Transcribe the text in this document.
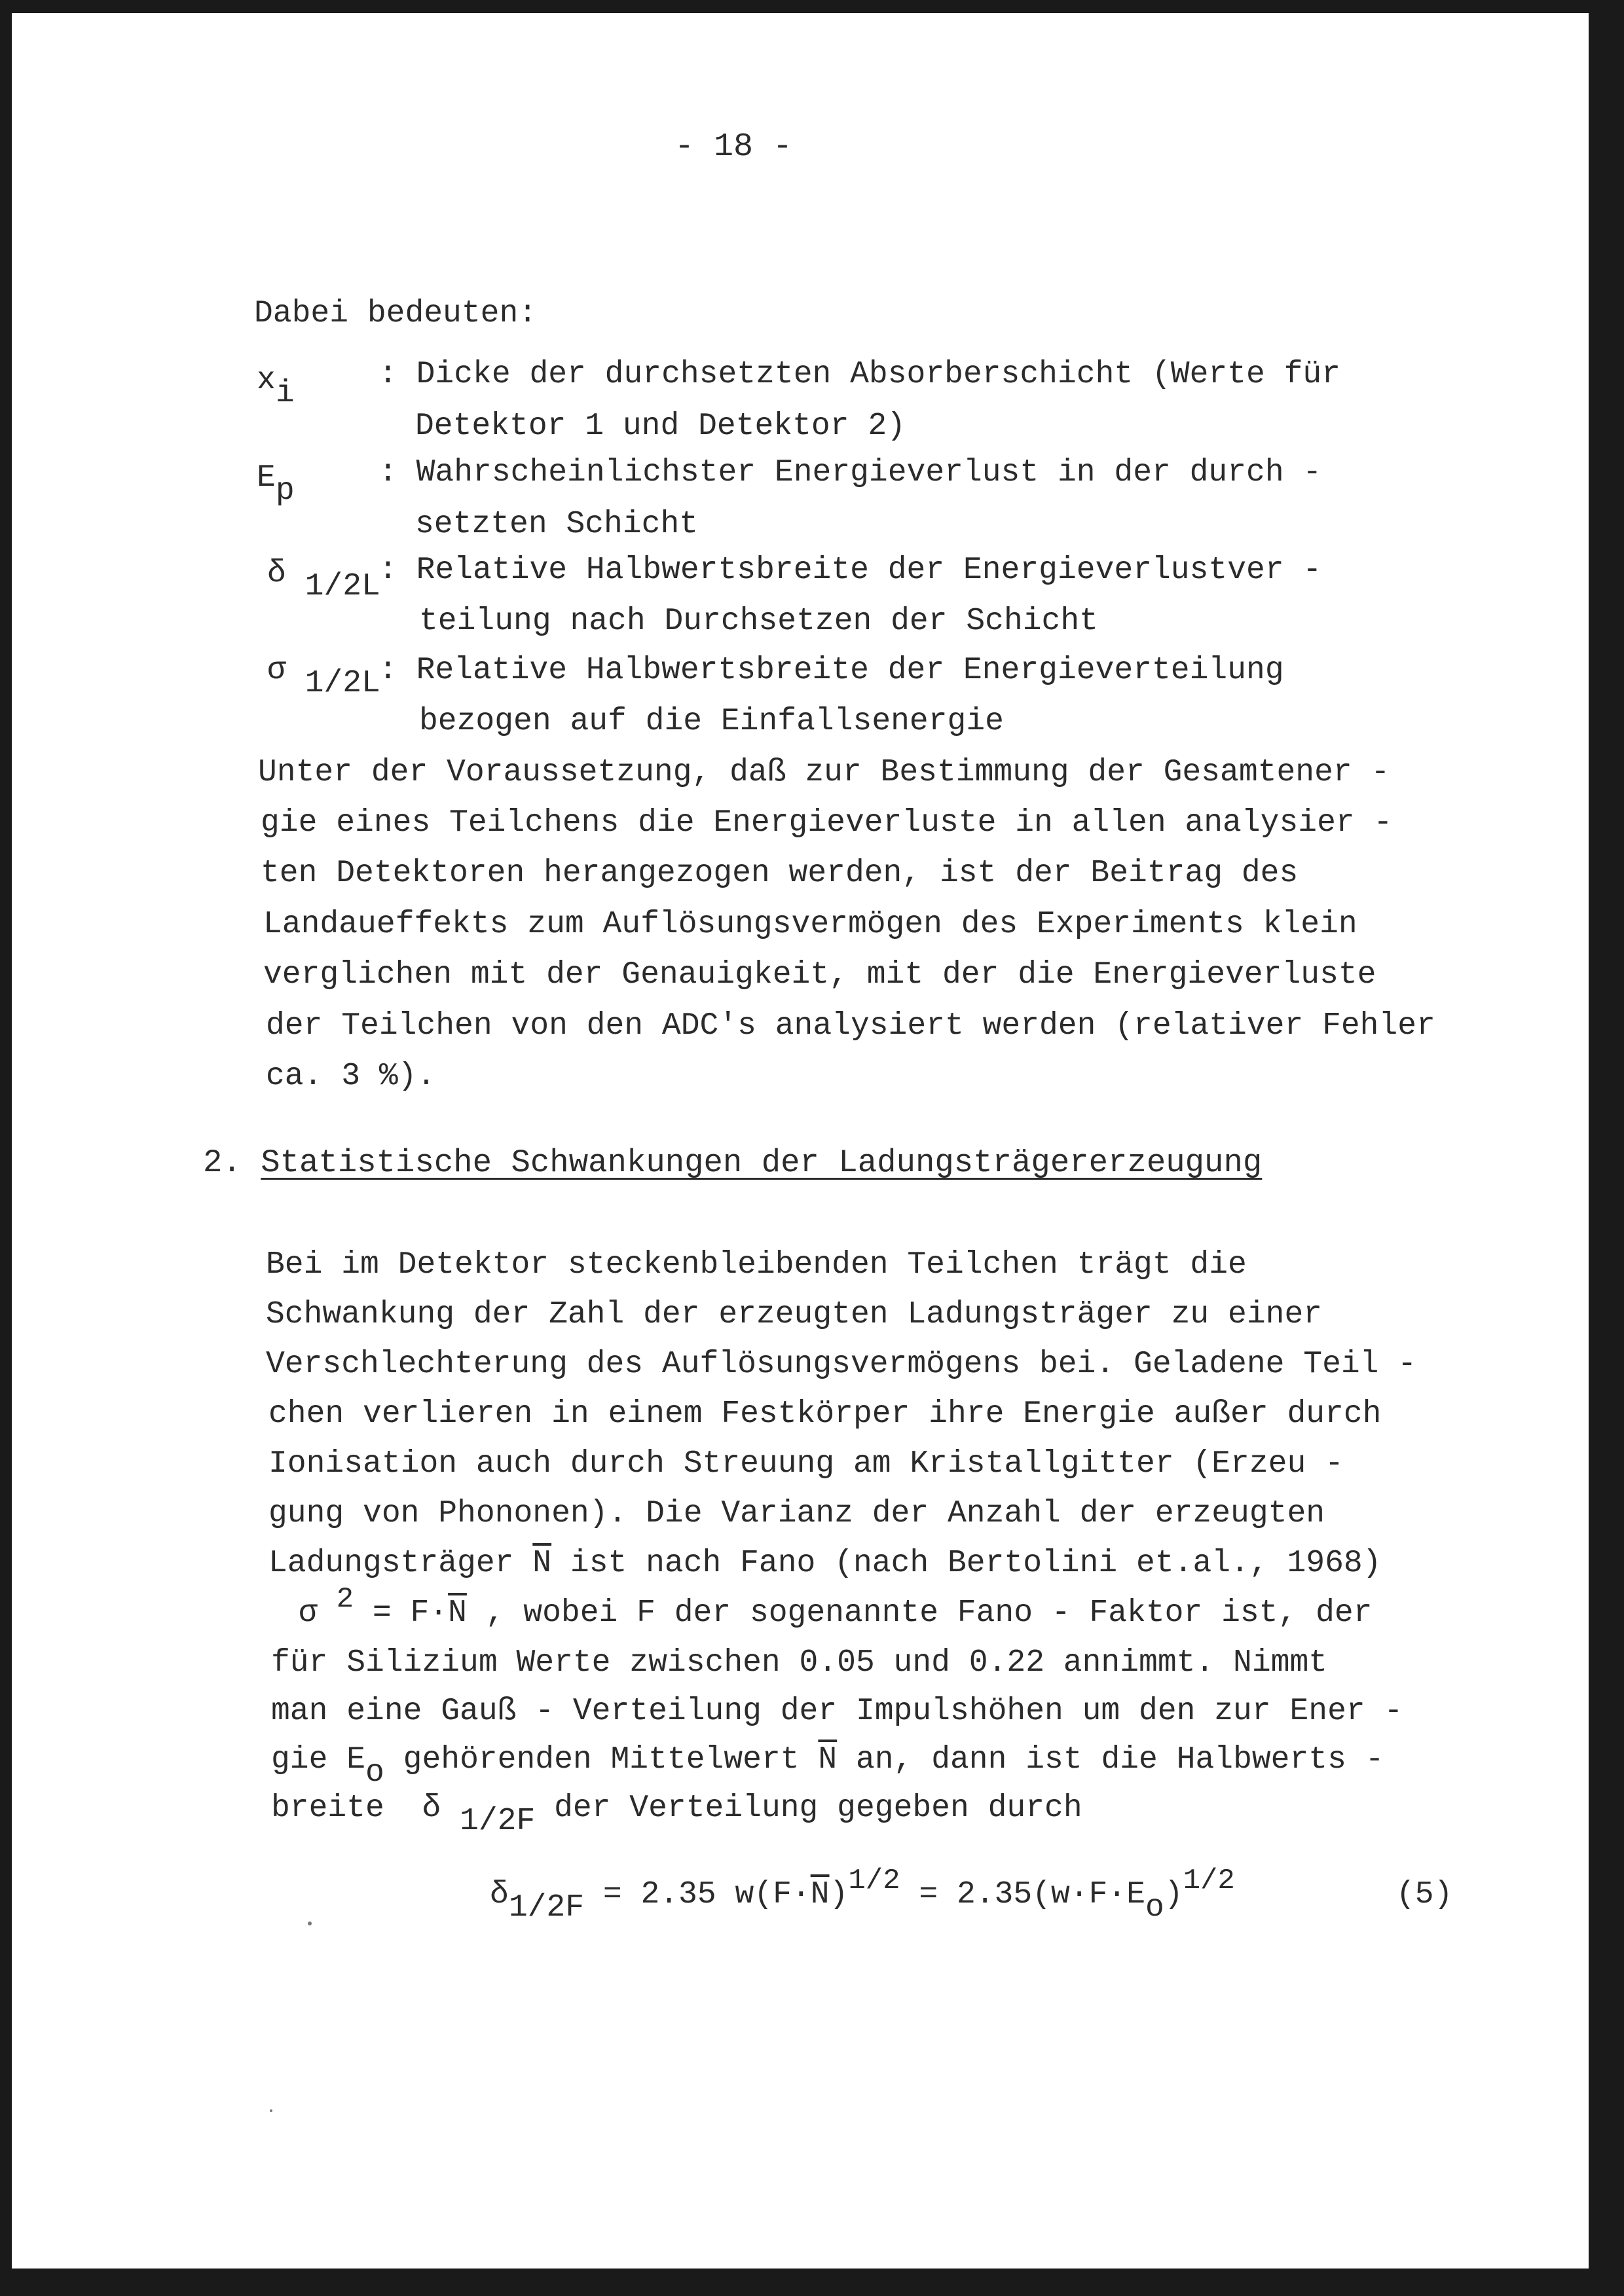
- 18 -
Dabei bedeuten:
xi
: Dicke der durchsetzten Absorberschicht (Werte für
Detektor 1 und Detektor 2)
Ep
: Wahrscheinlichster Energieverlust in der durch -
setzten Schicht
δ 1/2L
: Relative Halbwertsbreite der Energieverlustver -
teilung nach Durchsetzen der Schicht
σ 1/2L
: Relative Halbwertsbreite der Energieverteilung
bezogen auf die Einfallsenergie
Unter der Voraussetzung, daß zur Bestimmung der Gesamtener -
gie eines Teilchens die Energieverluste in allen analysier -
ten Detektoren herangezogen werden, ist der Beitrag des
Landaueffekts zum Auflösungsvermögen des Experiments klein
verglichen mit der Genauigkeit, mit der die Energieverluste
der Teilchen von den ADC's analysiert werden (relativer Fehler
ca. 3 %).
2. Statistische Schwankungen der Ladungsträgererzeugung
Bei im Detektor steckenbleibenden Teilchen trägt die
Schwankung der Zahl der erzeugten Ladungsträger zu einer
Verschlechterung des Auflösungsvermögens bei. Geladene Teil -
chen verlieren in einem Festkörper ihre Energie außer durch
Ionisation auch durch Streuung am Kristallgitter (Erzeu -
gung von Phononen). Die Varianz der Anzahl der erzeugten
Ladungsträger $\overline{N}$ ist nach Fano (nach Bertolini et.al., 1968)
σ $2 = F\cdot\overline{N}$ , wobei F der sogenannte Fano - Faktor ist, der
für Silizium Werte zwischen 0.05 und 0.22 annimmt. Nimmt
man eine Gauß - Verteilung der Impulshöhen um den zur Ener -
gie Eo gehörenden Mittelwert $\overline{N}$ an, dann ist die Halbwerts -
breite  δ 1/2F der Verteilung gegeben durch
δ1/2F = 2.35 $w(F\cdot\overline{N})1/2 = 2.35(w\cdot F\cdot Eo)1/2$	(5)
